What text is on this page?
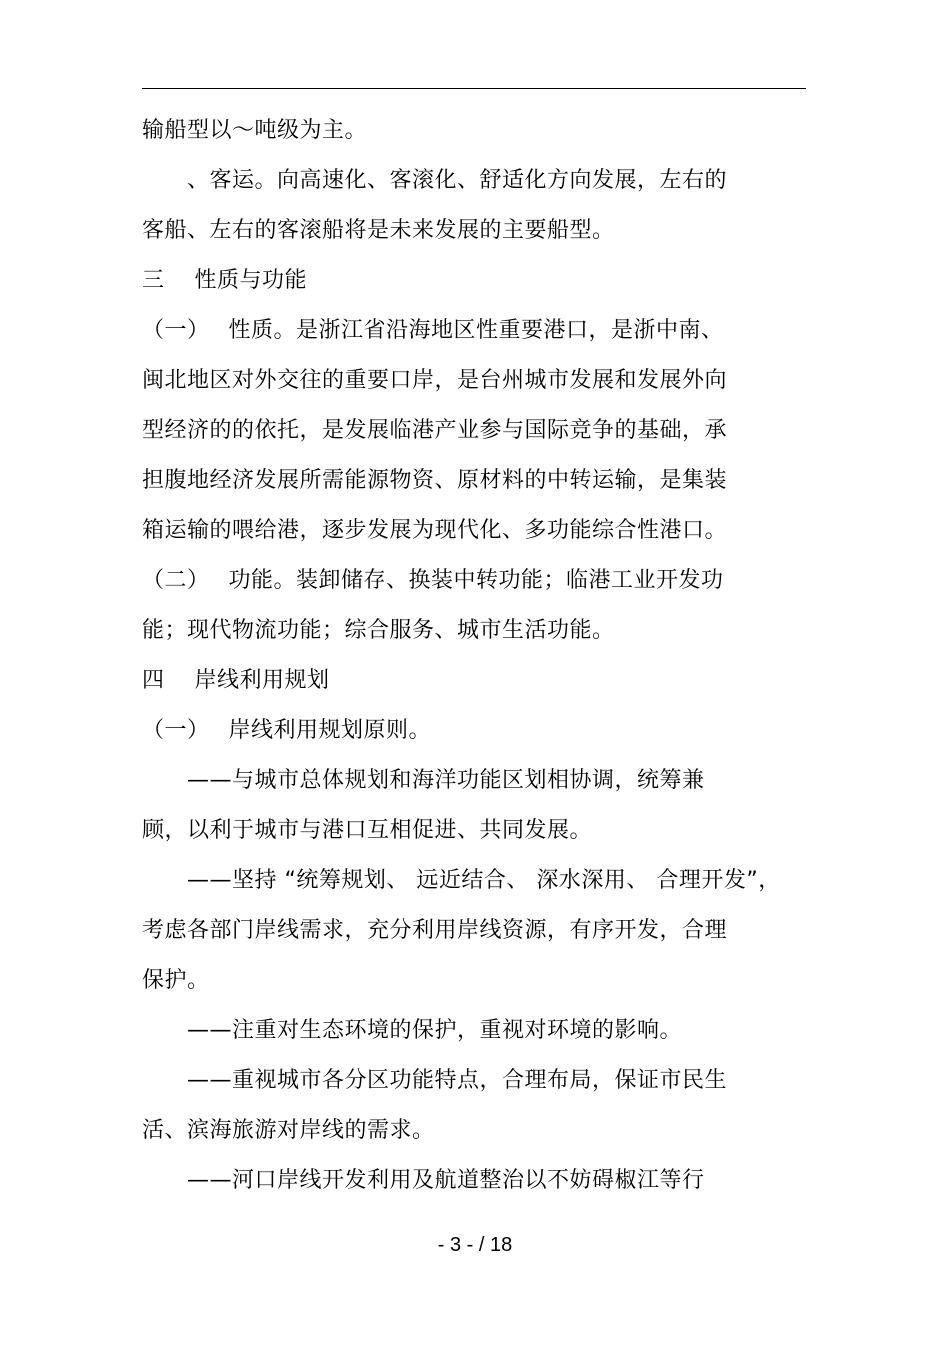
输船型以～吨级为主。
　　、客运。向高速化、客滚化、舒适化方向发展，左右的
客船、左右的客滚船将是未来发展的主要船型。
三　 性质与功能
（一）　 性质。是浙江省沿海地区性重要港口，是浙中南、
闽北地区对外交往的重要口岸，是台州城市发展和发展外向
型经济的的依托，是发展临港产业参与国际竞争的基础，承
担腹地经济发展所需能源物资、原材料的中转运输，是集装
箱运输的喂给港，逐步发展为现代化、多功能综合性港口。
（二）　 功能。装卸储存、换装中转功能；临港工业开发功
能；现代物流功能；综合服务、城市生活功能。
四　 岸线利用规划
（一）　 岸线利用规划原则。
　　——与城市总体规划和海洋功能区划相协调，统筹兼
顾，以利于城市与港口互相促进、共同发展。
　　——坚持 “统筹规划、 远近结合、 深水深用、 合理开发”，
考虑各部门岸线需求，充分利用岸线资源，有序开发，合理
保护。
　　——注重对生态环境的保护，重视对环境的影响。
　　——重视城市各分区功能特点，合理布局，保证市民生
活、滨海旅游对岸线的需求。
　　——河口岸线开发利用及航道整治以不妨碍椒江等行
- 3 - / 18
